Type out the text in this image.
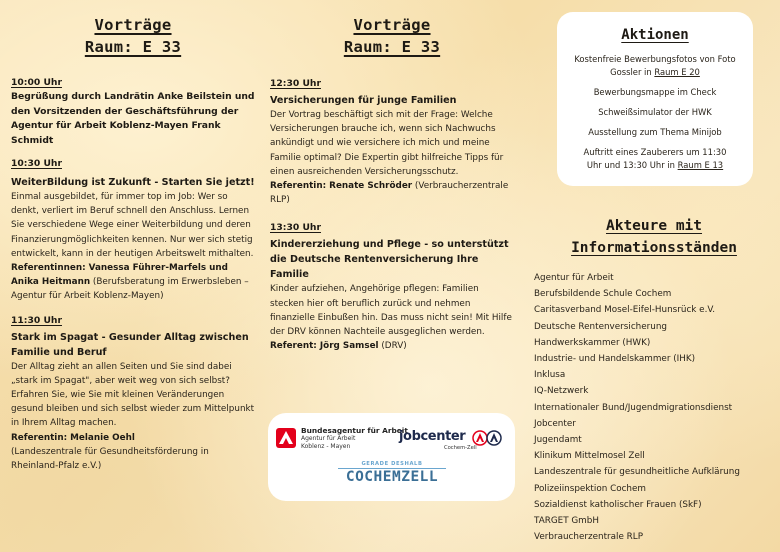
Vorträge
Raum: E 33
10:00 Uhr
Begrüßung durch Landrätin Anke Beilstein und den Vorsitzenden der Geschäftsführung der Agentur für Arbeit Koblenz-Mayen Frank Schmidt
10:30 Uhr
WeiterBildung ist Zukunft - Starten Sie jetzt!
Einmal ausgebildet, für immer top im Job: Wer so denkt, verliert im Beruf schnell den Anschluss. Lernen Sie verschiedene Wege einer Weiterbildung und deren Finanzierungmöglichkeiten kennen. Nur wer sich stetig entwickelt, kann in der heutigen Arbeitswelt mithalten.
Referentinnen: Vanessa Führer-Marfels und Anika Heitmann (Berufsberatung im Erwerbsleben – Agentur für Arbeit Koblenz-Mayen)
11:30 Uhr
Stark im Spagat - Gesunder Alltag zwischen Familie und Beruf
Der Alltag zieht an allen Seiten und Sie sind dabei „stark im Spagat", aber weit weg von sich selbst? Erfahren Sie, wie Sie mit kleinen Veränderungen gesund bleiben und sich selbst wieder zum Mittelpunkt in Ihrem Alltag machen.
Referentin: Melanie Oehl
(Landeszentrale für Gesundheitsförderung in Rheinland-Pfalz e.V.)
Vorträge
Raum: E 33
12:30 Uhr
Versicherungen für junge Familien
Der Vortrag beschäftigt sich mit der Frage: Welche Versicherungen brauche ich, wenn sich Nachwuchs ankündigt und wie versichere ich mich und meine Familie optimal? Die Expertin gibt hilfreiche Tipps für einen ausreichenden Versicherungsschutz.
Referentin: Renate Schröder (Verbraucherzentrale RLP)
13:30 Uhr
Kindererziehung und Pflege - so unterstützt die Deutsche Rentenversicherung Ihre Familie
Kinder aufziehen, Angehörige pflegen: Familien stecken hier oft beruflich zurück und nehmen finanzielle Einbußen hin. Das muss nicht sein! Mit Hilfe der DRV können Nachteile ausgeglichen werden.
Referent: Jörg Samsel (DRV)
Bundesagentur für Arbeit
Agentur für Arbeit
Koblenz - Mayen
jobcenter
Cochem-Zell
GERADE DESHALB
COCHEMZELL
Aktionen

Kostenfreie Bewerbungsfotos von Foto Gossler in Raum E 20

Bewerbungsmappe im Check

Schweißsimulator der HWK

Ausstellung zum Thema Minijob

Auftritt eines Zauberers um 11:30 Uhr und 13:30 Uhr in Raum E 13

Akteure mit
Informationsständen
Agentur für Arbeit
Berufsbildende Schule Cochem
Caritasverband Mosel-Eifel-Hunsrück e.V.
Deutsche Rentenversicherung
Handwerkskammer (HWK)
Industrie- und Handelskammer (IHK)
Inklusa
IQ-Netzwerk
Internationaler Bund/Jugendmigrationsdienst
Jobcenter
Jugendamt
Klinikum Mittelmosel Zell
Landeszentrale für gesundheitliche Aufklärung
Polizeiinspektion Cochem
Sozialdienst katholischer Frauen (SkF)
TARGET GmbH
Verbraucherzentrale RLP
